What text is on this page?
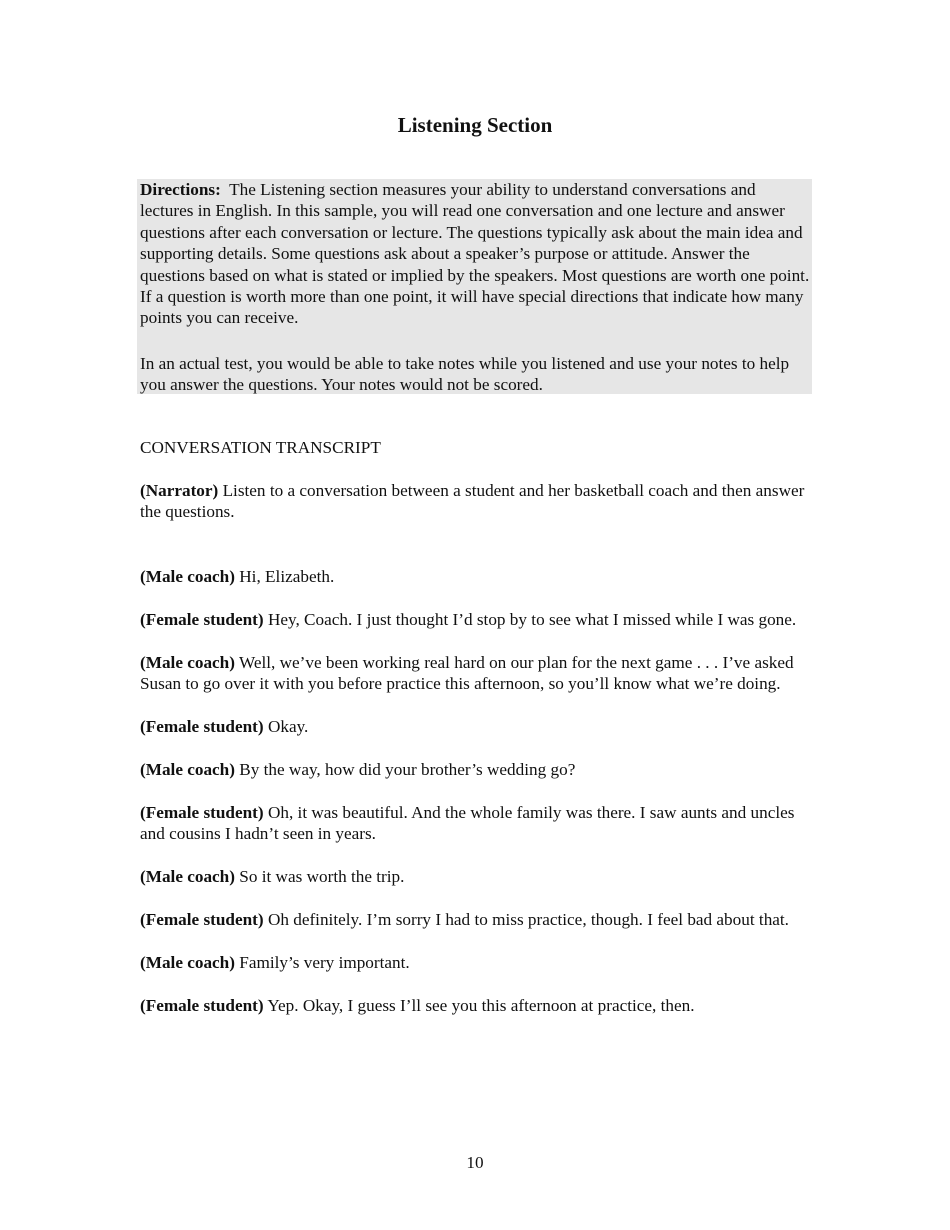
Listening Section

Directions: The Listening section measures your ability to understand conversations and lectures in English. In this sample, you will read one conversation and one lecture and answer questions after each conversation or lecture. The questions typically ask about the main idea and supporting details. Some questions ask about a speaker’s purpose or attitude. Answer the questions based on what is stated or implied by the speakers. Most questions are worth one point. If a question is worth more than one point, it will have special directions that indicate how many points you can receive.

In an actual test, you would be able to take notes while you listened and use your notes to help you answer the questions. Your notes would not be scored.

CONVERSATION TRANSCRIPT

(Narrator) Listen to a conversation between a student and her basketball coach and then answer the questions.

(Male coach) Hi, Elizabeth.

(Female student) Hey, Coach. I just thought I’d stop by to see what I missed while I was gone.

(Male coach) Well, we’ve been working real hard on our plan for the next game . . . I’ve asked Susan to go over it with you before practice this afternoon, so you’ll know what we’re doing.

(Female student) Okay.

(Male coach) By the way, how did your brother’s wedding go?

(Female student) Oh, it was beautiful. And the whole family was there. I saw aunts and uncles and cousins I hadn’t seen in years.

(Male coach) So it was worth the trip.

(Female student) Oh definitely. I’m sorry I had to miss practice, though. I feel bad about that.

(Male coach) Family’s very important.

(Female student) Yep. Okay, I guess I’ll see you this afternoon at practice, then.

10
